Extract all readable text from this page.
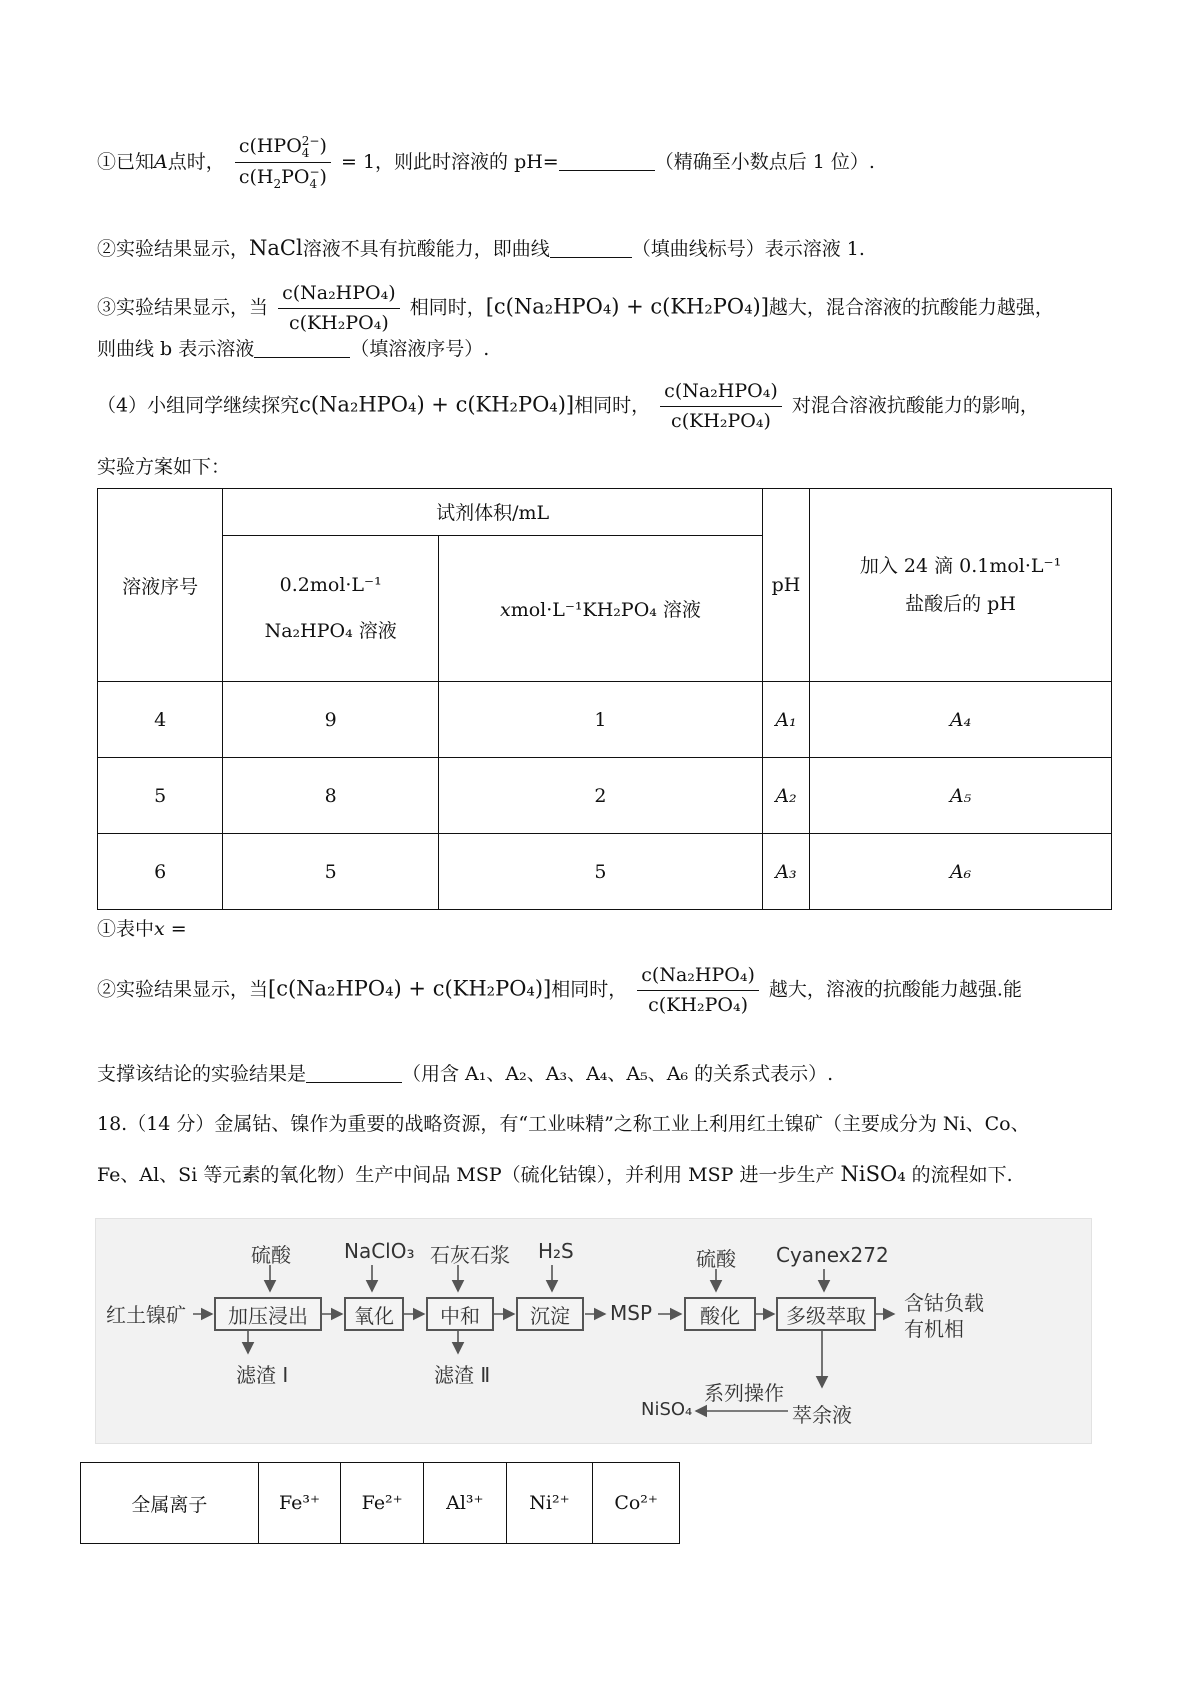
①已知A点时， c(HPO 2−
4 )
$c(H_2PO$ −
4 ) = 1，则此时溶液的 pH=	（精确至小数点后 1 位）.
②实验结果显示，NaCl溶液不具有抗酸能力，即曲线	（填曲线标号）表示溶液 1.
③实验结果显示，当 $\frac{\text{c(Na₂HPO₄)}}{\text{c(KH₂PO₄)}}$ 相同时，[c(Na₂HPO₄) + c(KH₂PO₄)]越大，混合溶液的抗酸能力越强，
则曲线 b 表示溶液	（填溶液序号）.
（4）小组同学继续探究c(Na₂HPO₄) + c(KH₂PO₄)]相同时， $\frac{\text{c(Na₂HPO₄)}}{\text{c(KH₂PO₄)}}$ 对混合溶液抗酸能力的影响，
实验方案如下：
溶液序号	试剂体积/mL		pH	加入 24 滴 0.1mol·L⁻¹
盐酸后的 pH

	0.2mol·L⁻¹
Na₂HPO₄ 溶液	xmol·L⁻¹KH₂PO₄ 溶液		
4	9	1	A₁	A₄
5	8	2	A₂	A₅
6	5	5	A₃	A₆
①表中x =
②实验结果显示，当[c(Na₂HPO₄) + c(KH₂PO₄)]相同时， $\frac{\text{c(Na₂HPO₄)}}{\text{c(KH₂PO₄)}}$ 越大，溶液的抗酸能力越强.能
支撑该结论的实验结果是	（用含 A₁、A₂、A₃、A₄、A₅、A₆ 的关系式表示）.
18.（14 分）金属钴、镍作为重要的战略资源，有“工业味精”之称工业上利用红土镍矿（主要成分为 Ni、Co、
Fe、Al、Si 等元素的氧化物）生产中间品 MSP（硫化钴镍），并利用 MSP 进一步生产 NiSO₄ 的流程如下.
红土镍矿
硫酸	NaClO₃ 石灰石浆 H₂S	硫酸 Cyanex272
加压浸出	氧化	中和	沉淀	MSP	酸化	多级萃取
含钴负载
有机相
滤渣 Ⅰ	滤渣 Ⅱ
系列操作
萃余液
NiSO₄
全属离子	Fe³⁺	Fe²⁺	Al³⁺	Ni²⁺	Co²⁺
